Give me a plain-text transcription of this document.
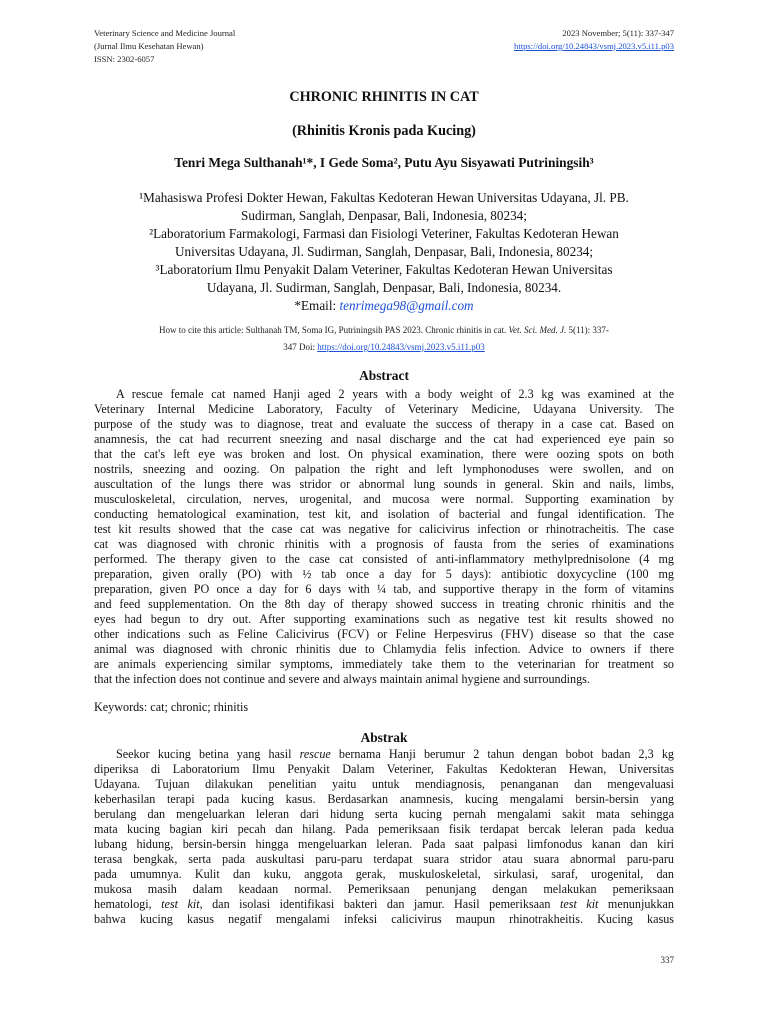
Veterinary Science and Medicine Journal
(Jurnal Ilmu Kesehatan Hewan)
ISSN: 2302-6057
2023 November; 5(11): 337-347
https://doi.org/10.24843/vsmj.2023.v5.i11.p03
CHRONIC RHINITIS IN CAT
(Rhinitis Kronis pada Kucing)
Tenri Mega Sulthanah¹*, I Gede Soma², Putu Ayu Sisyawati Putriningsih³
¹Mahasiswa Profesi Dokter Hewan, Fakultas Kedoteran Hewan Universitas Udayana, Jl. PB.
Sudirman, Sanglah, Denpasar, Bali, Indonesia, 80234;
²Laboratorium Farmakologi, Farmasi dan Fisiologi Veteriner, Fakultas Kedoteran Hewan
Universitas Udayana, Jl. Sudirman, Sanglah, Denpasar, Bali, Indonesia, 80234;
³Laboratorium Ilmu Penyakit Dalam Veteriner, Fakultas Kedoteran Hewan Universitas
Udayana, Jl. Sudirman, Sanglah, Denpasar, Bali, Indonesia, 80234.
*Email: tenrimega98@gmail.com
How to cite this article: Sulthanah TM, Soma IG, Putriningsih PAS 2023. Chronic rhinitis in cat. Vet. Sci. Med. J. 5(11): 337-
347 Doi: https://doi.org/10.24843/vsmj.2023.v5.i11.p03
Abstract
A rescue female cat named Hanji aged 2 years with a body weight of 2.3 kg was examined at the
Veterinary Internal Medicine Laboratory, Faculty of Veterinary Medicine, Udayana University. The
purpose of the study was to diagnose, treat and evaluate the success of therapy in a case cat. Based on
anamnesis, the cat had recurrent sneezing and nasal discharge and the cat had experienced eye pain so
that the cat's left eye was broken and lost. On physical examination, there were oozing spots on both
nostrils, sneezing and oozing. On palpation the right and left lymphonoduses were swollen, and on
auscultation of the lungs there was stridor or abnormal lung sounds in general. Skin and nails, limbs,
musculoskeletal, circulation, nerves, urogenital, and mucosa were normal. Supporting examination by
conducting hematological examination, test kit, and isolation of bacterial and fungal identification. The
test kit results showed that the case cat was negative for calicivirus infection or rhinotracheitis. The case
cat was diagnosed with chronic rhinitis with a prognosis of fausta from the series of examinations
performed. The therapy given to the case cat consisted of anti-inflammatory methylprednisolone (4 mg
preparation, given orally (PO) with ½ tab once a day for 5 days): antibiotic doxycycline (100 mg
preparation, given PO once a day for 6 days with ¼ tab, and supportive therapy in the form of vitamins
and feed supplementation. On the 8th day of therapy showed success in treating chronic rhinitis and the
eyes had begun to dry out. After supporting examinations such as negative test kit results showed no
other indications such as Feline Calicivirus (FCV) or Feline Herpesvirus (FHV) disease so that the case
animal was diagnosed with chronic rhinitis due to Chlamydia felis infection. Advice to owners if there
are animals experiencing similar symptoms, immediately take them to the veterinarian for treatment so
that the infection does not continue and severe and always maintain animal hygiene and surroundings.
Keywords: cat; chronic; rhinitis
Abstrak
Seekor kucing betina yang hasil rescue bernama Hanji berumur 2 tahun dengan bobot badan 2,3 kg
diperiksa di Laboratorium Ilmu Penyakit Dalam Veteriner, Fakultas Kedokteran Hewan, Universitas
Udayana. Tujuan dilakukan penelitian yaitu untuk mendiagnosis, penanganan dan mengevaluasi
keberhasilan terapi pada kucing kasus. Berdasarkan anamnesis, kucing mengalami bersin-bersin yang
berulang dan mengeluarkan leleran dari hidung serta kucing pernah mengalami sakit mata sehingga
mata kucing bagian kiri pecah dan hilang. Pada pemeriksaan fisik terdapat bercak leleran pada kedua
lubang hidung, bersin-bersin hingga mengeluarkan leleran. Pada saat palpasi limfonodus kanan dan kiri
terasa bengkak, serta pada auskultasi paru-paru terdapat suara stridor atau suara abnormal paru-paru
pada umumnya. Kulit dan kuku, anggota gerak, muskuloskeletal, sirkulasi, saraf, urogenital, dan
mukosa masih dalam keadaan normal. Pemeriksaan penunjang dengan melakukan pemeriksaan
hematologi, test kit, dan isolasi identifikasi bakteri dan jamur. Hasil pemeriksaan test kit menunjukkan
bahwa kucing kasus negatif mengalami infeksi calicivirus maupun rhinotrakheitis. Kucing kasus
337
